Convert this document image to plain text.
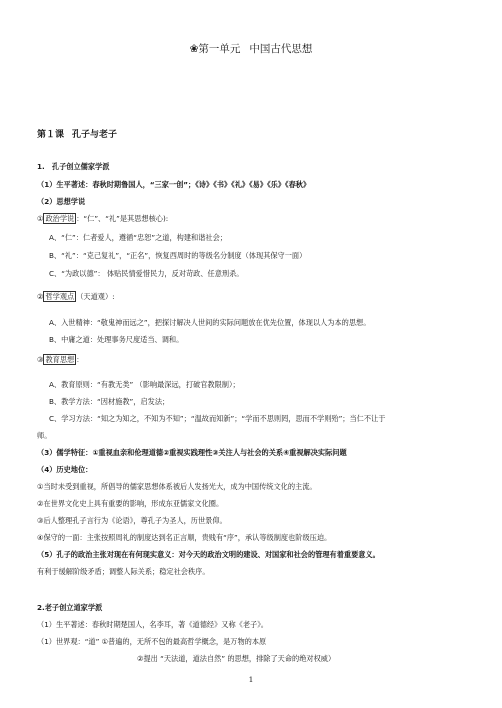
❀第一单元 中国古代思想
第１课 孔子与老子
1.　孔子创立儒家学派
（1）生平著述：春秋时期鲁国人，“三家一创”；《诗》《书》《礼》《易》《乐》《春秋》
（2）思想学说
① 政治学说 ：“仁”、“礼”是其思想核心):
A、“仁”：仁者爱人，遵循“忠恕”之道，构建和谐社会；
B、“礼”：“克己复礼”，“正名”，恢复西周时的等级名分制度（体现其保守一面）
C、“为政以德”： 体贴民情爱惜民力，反对苛政、任意刑杀。
② 哲学观点 （天道观）:
A、入世精神：“敬鬼神而远之”，把探讨解决人世间的实际问题放在优先位置，体现以人为本的思想。
B、中庸之道：处理事务尺度适当、调和。
③ 教育思想 ：
A、教育原则：“有教无类” （影响最深远，打破官教限制）；
B、教学方法：“因材施教”，启发法；
C、学习方法：“知之为知之，不知为不知”；“温故而知新”；“学而不思则罔，思而不学则殆”；当仁不让于
师。
（3）儒学特征：①重视血亲和伦理道德②重视实践理性③关注人与社会的关系④重视解决实际问题
（4）历史地位：
①当时未受到重视，所倡导的儒家思想体系被后人发扬光大，成为中国传统文化的主流。
②在世界文化史上具有重要的影响，形成东亚儒家文化圈。
③后人整理孔子言行为《论语》，尊孔子为圣人，历世景仰。
④保守的一面：主张按照周礼的制度达到名正言顺，贵贱有“序”，承认等级制度也阶级压迫。
（5）孔子的政治主张对现在有何现实意义：对今天的政治文明的建设、对国家和社会的管理有着重要意义。
有利于缓解阶级矛盾；调整人际关系；稳定社会秩序。
2.老子创立道家学派
（1）生平著述：春秋时期楚国人，名李耳，著《道德经》又称《老子》。
（1）世界观：“道” ①普遍的，无所不包的最高哲学概念，是万物的本原
②提出 “天法道，道法自然” 的思想，排除了天命的绝对权威）
1
